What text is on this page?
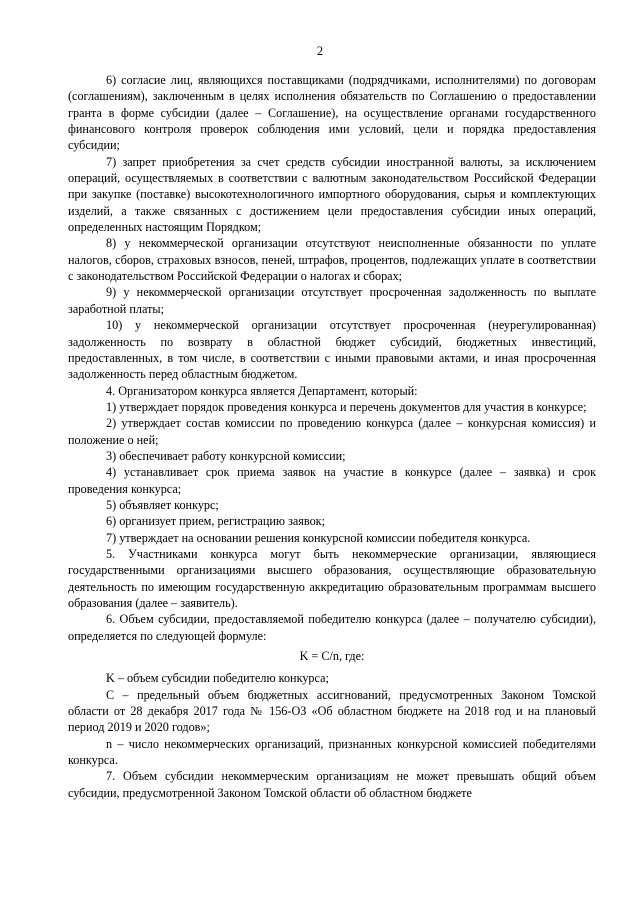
2

6) согласие лиц, являющихся поставщиками (подрядчиками, исполнителями) по договорам (соглашениям), заключенным в целях исполнения обязательств по Соглашению о предоставлении гранта в форме субсидии (далее – Соглашение), на осуществление органами государственного финансового контроля проверок соблюдения ими условий, цели и порядка предоставления субсидии;

7) запрет приобретения за счет средств субсидии иностранной валюты, за исключением операций, осуществляемых в соответствии с валютным законодательством Российской Федерации при закупке (поставке) высокотехнологичного импортного оборудования, сырья и комплектующих изделий, а также связанных с достижением цели предоставления субсидии иных операций, определенных настоящим Порядком;

8) у некоммерческой организации отсутствуют неисполненные обязанности по уплате налогов, сборов, страховых взносов, пеней, штрафов, процентов, подлежащих уплате в соответствии с законодательством Российской Федерации о налогах и сборах;

9) у некоммерческой организации отсутствует просроченная задолженность по выплате заработной платы;

10) у некоммерческой организации отсутствует просроченная (неурегулированная) задолженность по возврату в областной бюджет субсидий, бюджетных инвестиций, предоставленных, в том числе, в соответствии с иными правовыми актами, и иная просроченная задолженность перед областным бюджетом.

4. Организатором конкурса является Департамент, который:

1) утверждает порядок проведения конкурса и перечень документов для участия в конкурсе;

2) утверждает состав комиссии по проведению конкурса (далее – конкурсная комиссия) и положение о ней;

3) обеспечивает работу конкурсной комиссии;

4) устанавливает срок приема заявок на участие в конкурсе (далее – заявка) и срок проведения конкурса;

5) объявляет конкурс;

6) организует прием, регистрацию заявок;

7) утверждает на основании решения конкурсной комиссии победителя конкурса.

5. Участниками конкурса могут быть некоммерческие организации, являющиеся государственными организациями высшего образования, осуществляющие образовательную деятельность по имеющим государственную аккредитацию образовательным программам высшего образования (далее – заявитель).

6. Объем субсидии, предоставляемой победителю конкурса (далее – получателю субсидии), определяется по следующей формуле:

K = C/n, где:

K – объем субсидии победителю конкурса;

C – предельный объем бюджетных ассигнований, предусмотренных Законом Томской области от 28 декабря 2017 года № 156-ОЗ «Об областном бюджете на 2018 год и на плановый период 2019 и 2020 годов»;

n – число некоммерческих организаций, признанных конкурсной комиссией победителями конкурса.

7. Объем субсидии некоммерческим организациям не может превышать общий объем субсидии, предусмотренной Законом Томской области об областном бюджете
